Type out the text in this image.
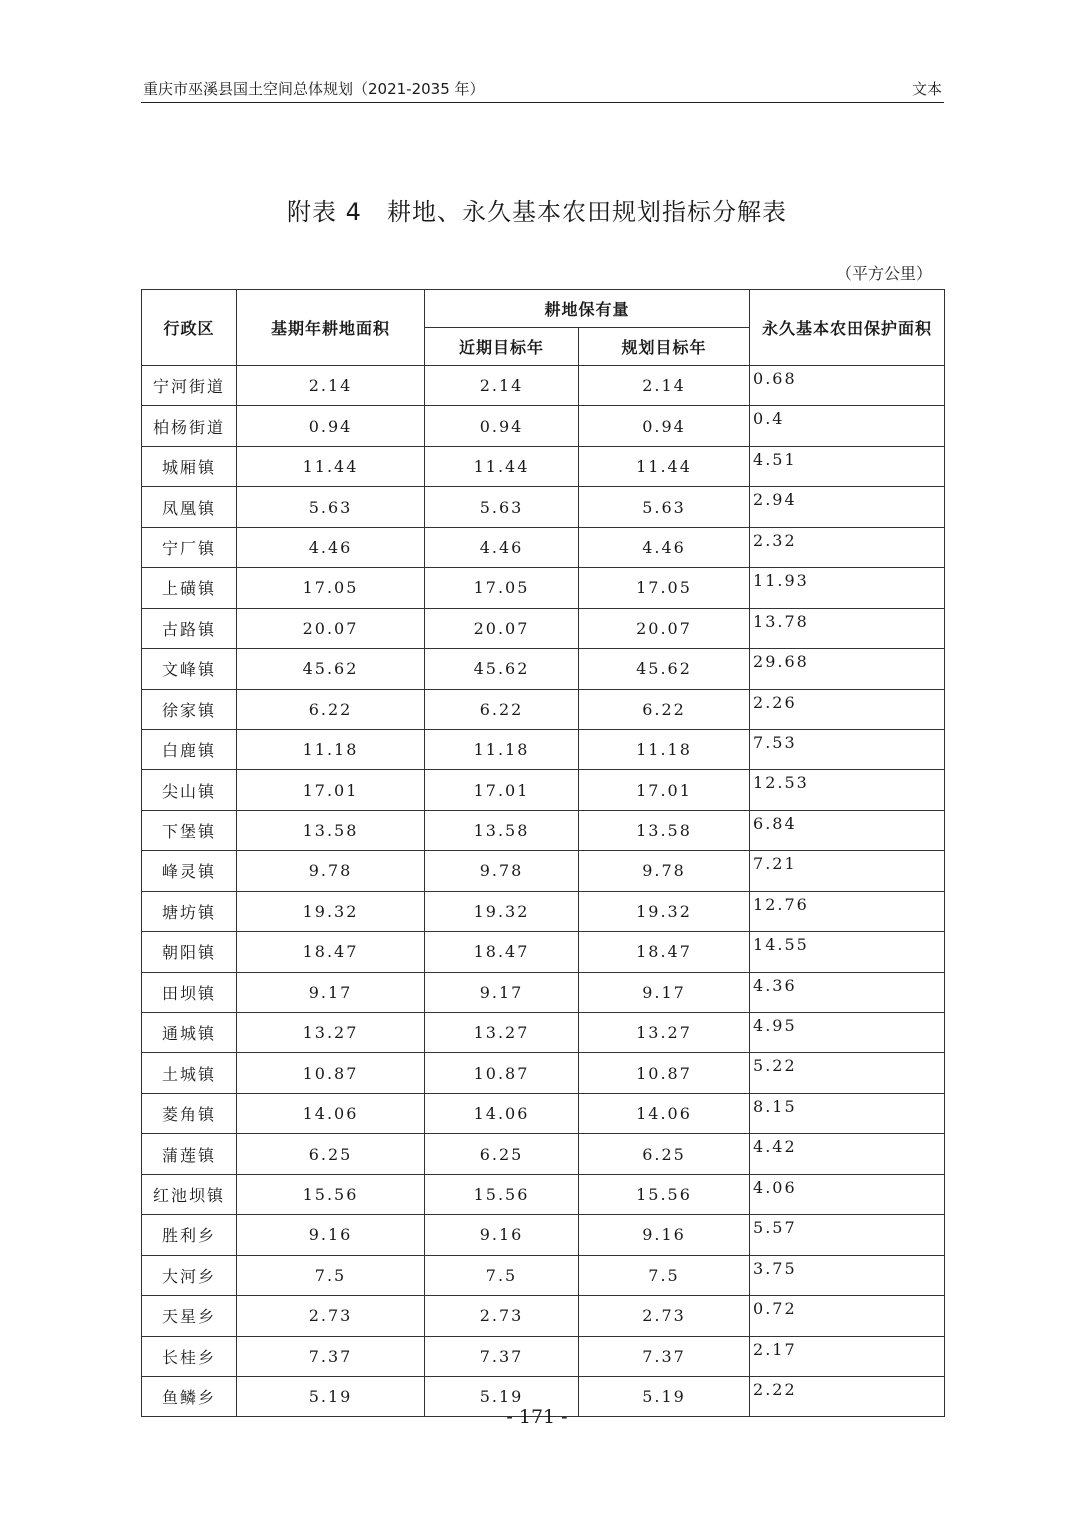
重庆市巫溪县国土空间总体规划（2021-2035 年）	文本
附表 4　耕地、永久基本农田规划指标分解表
（平方公里）
行政区	基期年耕地面积	耕地保有量		永久基本农田保护面积
		近期目标年	规划目标年	
宁河街道	2.14	2.14	2.14	0.68
柏杨街道	0.94	0.94	0.94	0.4
城厢镇	11.44	11.44	11.44	4.51
凤凰镇	5.63	5.63	5.63	2.94
宁厂镇	4.46	4.46	4.46	2.32
上磺镇	17.05	17.05	17.05	11.93
古路镇	20.07	20.07	20.07	13.78
文峰镇	45.62	45.62	45.62	29.68
徐家镇	6.22	6.22	6.22	2.26
白鹿镇	11.18	11.18	11.18	7.53
尖山镇	17.01	17.01	17.01	12.53
下堡镇	13.58	13.58	13.58	6.84
峰灵镇	9.78	9.78	9.78	7.21
塘坊镇	19.32	19.32	19.32	12.76
朝阳镇	18.47	18.47	18.47	14.55
田坝镇	9.17	9.17	9.17	4.36
通城镇	13.27	13.27	13.27	4.95
土城镇	10.87	10.87	10.87	5.22
菱角镇	14.06	14.06	14.06	8.15
蒲莲镇	6.25	6.25	6.25	4.42
红池坝镇	15.56	15.56	15.56	4.06
胜利乡	9.16	9.16	9.16	5.57
大河乡	7.5	7.5	7.5	3.75
天星乡	2.73	2.73	2.73	0.72
长桂乡	7.37	7.37	7.37	2.17
鱼鳞乡	5.19	5.19	5.19	2.22
- 171 -
